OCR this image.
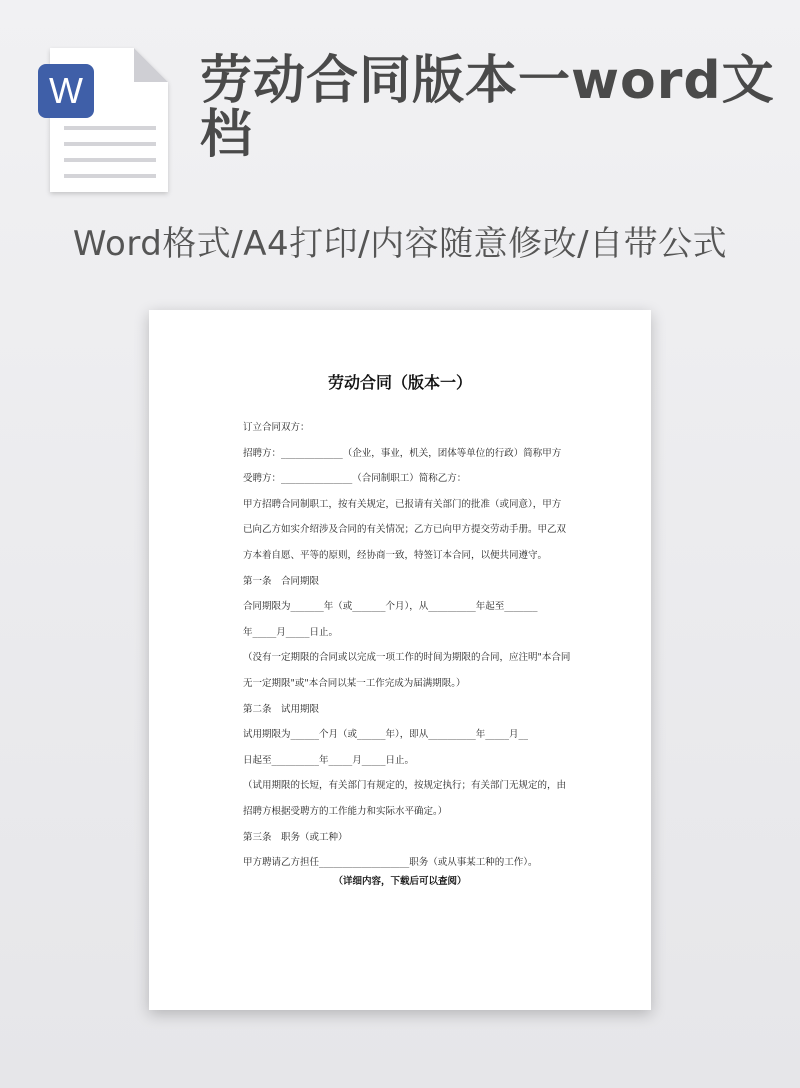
W 劳动合同版本一word文档
Word格式/A4打印/内容随意修改/自带公式
劳动合同（版本一）
订立合同双方：
招聘方：_____________（企业，事业，机关，团体等单位的行政）简称甲方
受聘方：_______________（合同制职工）简称乙方：
甲方招聘合同制职工，按有关规定，已报请有关部门的批准（或同意），甲方
已向乙方如实介绍涉及合同的有关情况；乙方已向甲方提交劳动手册。甲乙双
方本着自愿、平等的原则，经协商一致，特签订本合同，以便共同遵守。
第一条　合同期限
合同期限为_______年（或_______个月），从__________年起至_______
年_____月_____日止。
（没有一定期限的合同或以完成一项工作的时间为期限的合同，应注明"本合同
无一定期限"或"本合同以某一工作完成为届满期限。）
第二条　试用期限
试用期限为______个月（或______年），即从__________年_____月__
日起至__________年_____月_____日止。
（试用期限的长短，有关部门有规定的，按规定执行；有关部门无规定的，由
招聘方根据受聘方的工作能力和实际水平确定。）
第三条　职务（或工种）
甲方聘请乙方担任___________________职务（或从事某工种的工作）。
（详细内容，下载后可以查阅）
